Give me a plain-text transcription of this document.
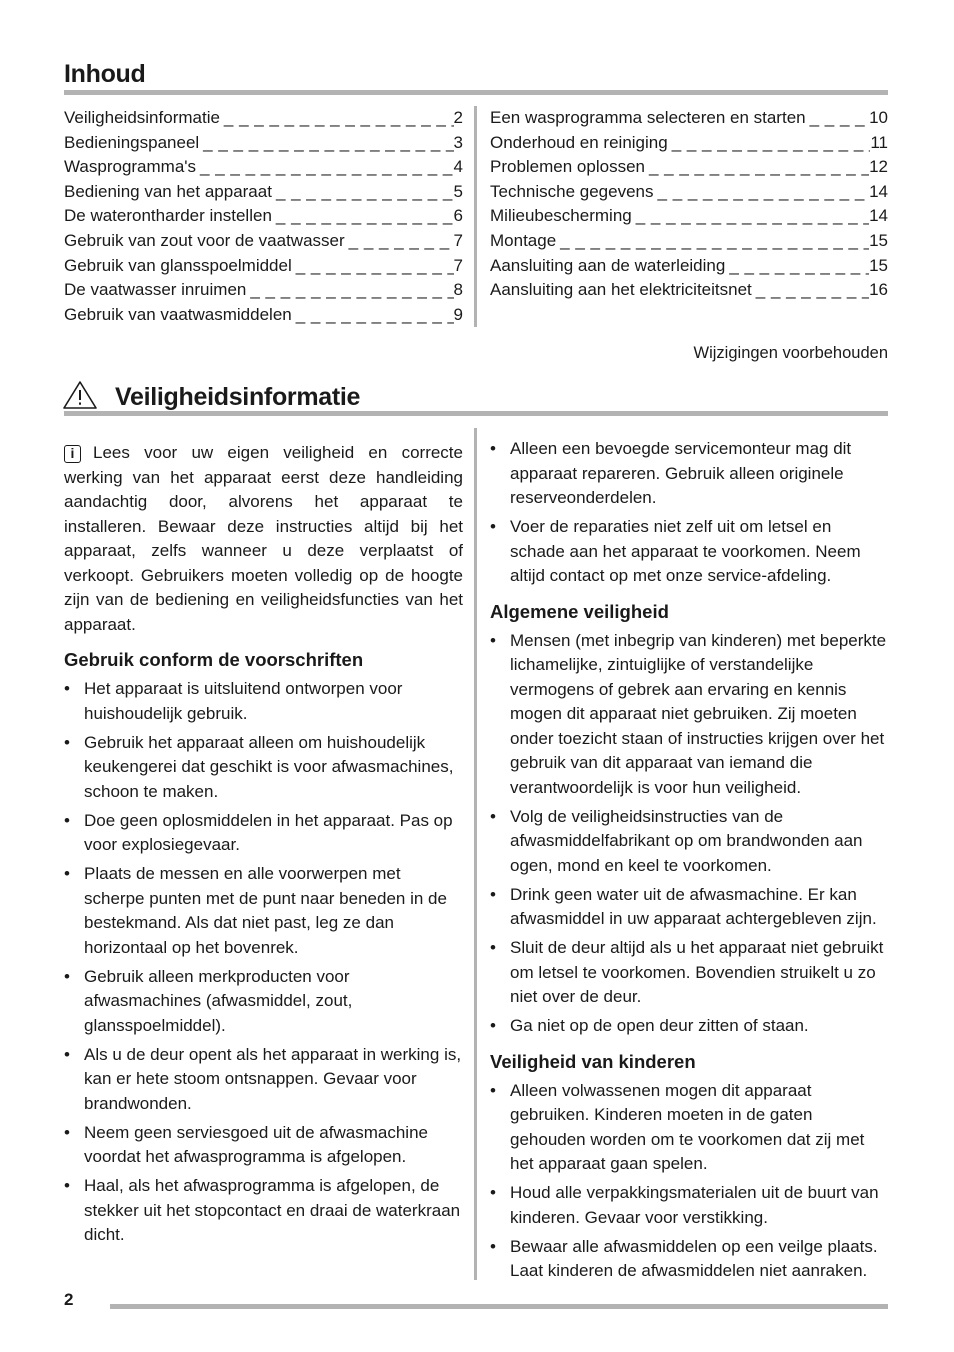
Inhoud
Veiligheidsinformatie _ _ _	2
Bedieningspaneel _ _ _	3
Wasprogramma's _ _ _	4
Bediening van het apparaat _ _ _	5
De waterontharder instellen _ _ _	6
Gebruik van zout voor de vaatwasser _ _ _	7
Gebruik van glansspoelmiddel _ _ _	7
De vaatwasser inruimen _ _ _	8
Gebruik van vaatwasmiddelen _ _ _	9
Een wasprogramma selecteren en starten _ _ _	10
Onderhoud en reiniging _ _ _	11
Problemen oplossen _ _ _	12
Technische gegevens _ _ _	14
Milieubescherming _ _ _	14
Montage _ _ _	15
Aansluiting aan de waterleiding _ _ _	15
Aansluiting aan het elektriciteitsnet _ _ _	16
Wijzigingen voorbehouden
Veiligheidsinformatie

i	Lees voor uw eigen veiligheid en correcte werking van het apparaat eerst deze handleiding aandachtig door, alvorens het apparaat te installeren. Bewaar deze instructies altijd bij het apparaat, zelfs wanneer u deze verplaatst of verkoopt. Gebruikers moeten volledig op de hoogte zijn van de bediening en veiligheidsfuncties van het apparaat.

Gebruik conform de voorschriften
• Het apparaat is uitsluitend ontworpen voor huishoudelijk gebruik.
• Gebruik het apparaat alleen om huishoudelijk keukengerei dat geschikt is voor afwasmachines, schoon te maken.
• Doe geen oplosmiddelen in het apparaat. Pas op voor explosiegevaar.
• Plaats de messen en alle voorwerpen met scherpe punten met de punt naar beneden in de bestekmand. Als dat niet past, leg ze dan horizontaal op het bovenrek.
• Gebruik alleen merkproducten voor afwasmachines (afwasmiddel, zout, glansspoelmiddel).
• Als u de deur opent als het apparaat in werking is, kan er hete stoom ontsnappen. Gevaar voor brandwonden.
• Neem geen serviesgoed uit de afwasmachine voordat het afwasprogramma is afgelopen.
• Haal, als het afwasprogramma is afgelopen, de stekker uit het stopcontact en draai de waterkraan dicht.
• Alleen een bevoegde servicemonteur mag dit apparaat repareren. Gebruik alleen originele reserveonderdelen.
• Voer de reparaties niet zelf uit om letsel en schade aan het apparaat te voorkomen. Neem altijd contact op met onze service-afdeling.
Algemene veiligheid
• Mensen (met inbegrip van kinderen) met beperkte lichamelijke, zintuiglijke of verstandelijke vermogens of gebrek aan ervaring en kennis mogen dit apparaat niet gebruiken. Zij moeten onder toezicht staan of instructies krijgen over het gebruik van dit apparaat van iemand die verantwoordelijk is voor hun veiligheid.
• Volg de veiligheidsinstructies van de afwasmiddelfabrikant op om brandwonden aan ogen, mond en keel te voorkomen.
• Drink geen water uit de afwasmachine. Er kan afwasmiddel in uw apparaat achtergebleven zijn.
• Sluit de deur altijd als u het apparaat niet gebruikt om letsel te voorkomen. Bovendien struikelt u zo niet over de deur.
• Ga niet op de open deur zitten of staan.
Veiligheid van kinderen
• Alleen volwassenen mogen dit apparaat gebruiken. Kinderen moeten in de gaten gehouden worden om te voorkomen dat zij met het apparaat gaan spelen.
• Houd alle verpakkingsmaterialen uit de buurt van kinderen. Gevaar voor verstikking.
• Bewaar alle afwasmiddelen op een veilge plaats. Laat kinderen de afwasmiddelen niet aanraken.
2
